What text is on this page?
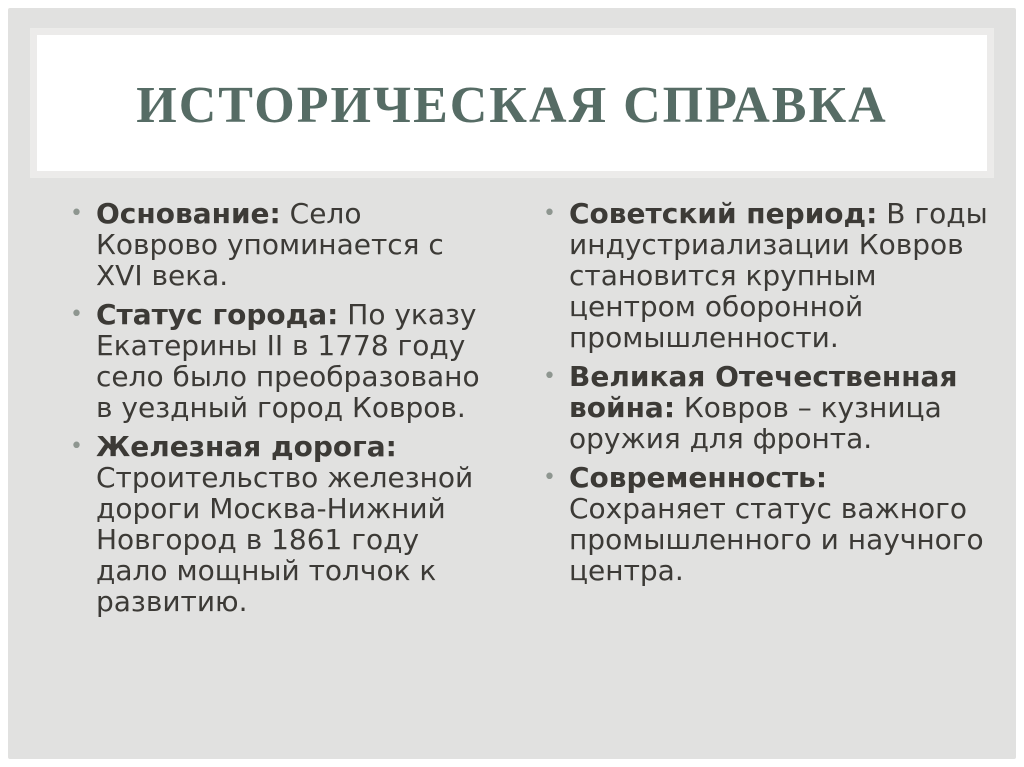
ИСТОРИЧЕСКАЯ СПРАВКА
• Основание: Село Коврово упоминается с XVI века.
• Статус города: По указу Екатерины II в 1778 году село было преобразовано в уездный город Ковров.
• Железная дорога: Строительство железной дороги Москва-Нижний Новгород в 1861 году дало мощный толчок к развитию.
• Советский период: В годы индустриализации Ковров становится крупным центром оборонной промышленности.
• Великая Отечественная война: Ковров – кузница оружия для фронта.
• Современность: Сохраняет статус важного промышленного и научного центра.
